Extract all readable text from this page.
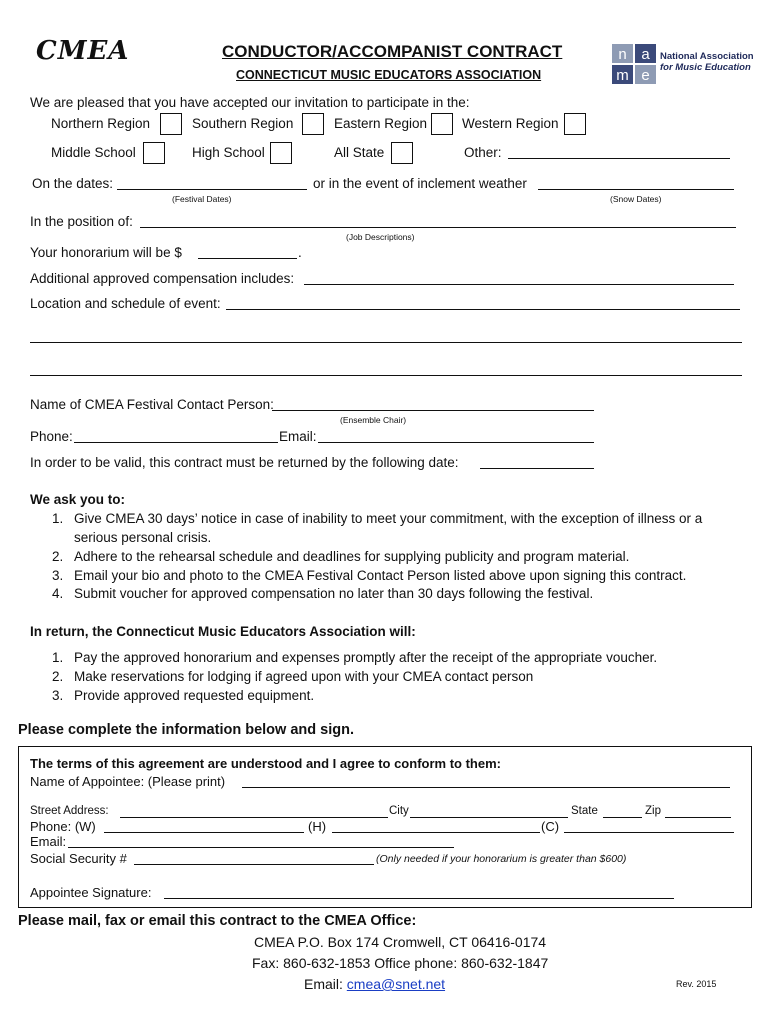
CMEA	CONDUCTOR/ACCOMPANIST CONTRACT
CONNECTICUT MUSIC EDUCATORS ASSOCIATION
n a
m e
National Association
for Music Education
We are pleased that you have accepted our invitation to participate in the:
Northern Region	Southern Region	Eastern Region	Western Region
Middle School	High School	All State	Other:
On the dates:
(Festival Dates)
or in the event of inclement weather
(Snow Dates)
In the position of:
(Job Descriptions)
Your honorarium will be $	.
Additional approved compensation includes:
Location and schedule of event:
Name of CMEA Festival Contact Person:
(Ensemble Chair)
Phone:	Email:
In order to be valid, this contract must be returned by the following date:
We ask you to:
1. Give CMEA 30 days’ notice in case of inability to meet your commitment, with the exception of illness or a
serious personal crisis.
2. Adhere to the rehearsal schedule and deadlines for supplying publicity and program material.
3. Email your bio and photo to the CMEA Festival Contact Person listed above upon signing this contract.
4. Submit voucher for approved compensation no later than 30 days following the festival.
In return, the Connecticut Music Educators Association will:
1. Pay the approved honorarium and expenses promptly after the receipt of the appropriate voucher.
2. Make reservations for lodging if agreed upon with your CMEA contact person
3. Provide approved requested equipment.
Please complete the information below and sign.
The terms of this agreement are understood and I agree to conform to them:
Name of Appointee: (Please print)
Street Address:	City	State	Zip
Phone: (W)	(H)	(C)
Email:
Social Security #	(Only needed if your honorarium is greater than $600)
Appointee Signature:
Please mail, fax or email this contract to the CMEA Office:
CMEA P.O. Box 174 Cromwell, CT 06416-0174
Fax: 860-632-1853 Office phone: 860-632-1847
Email: cmea@snet.net	Rev. 2015
